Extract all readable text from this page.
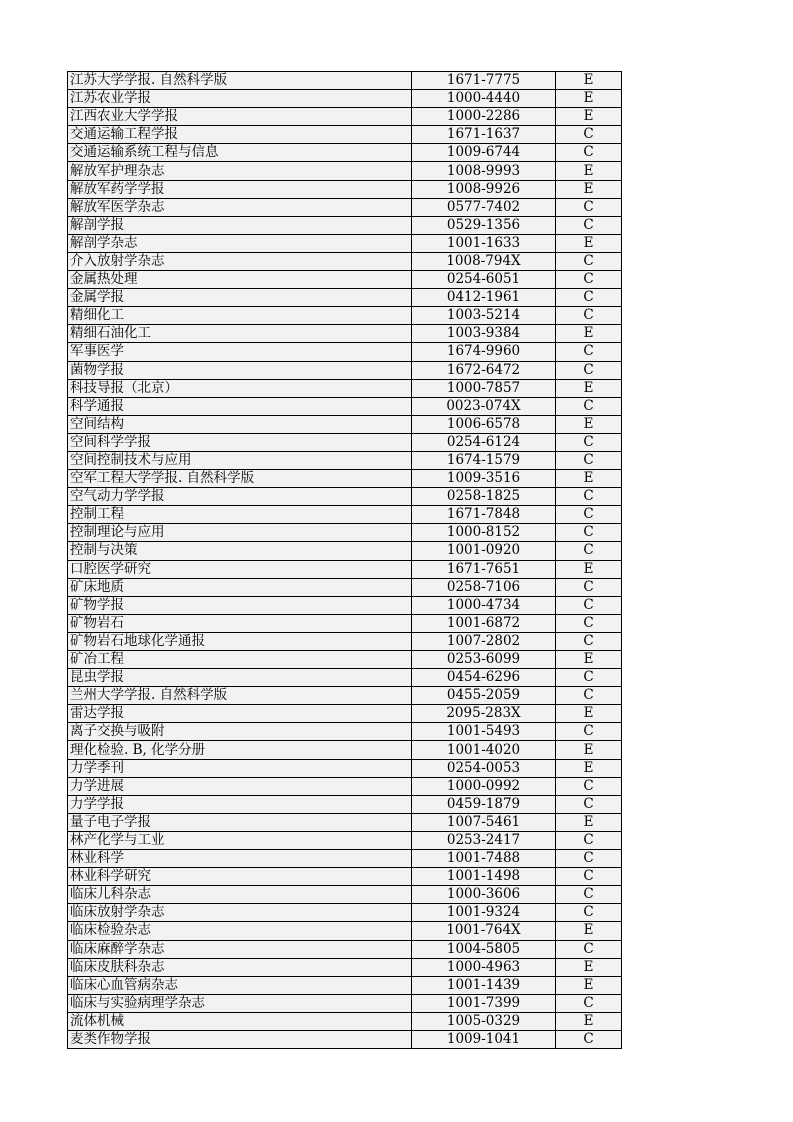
江苏大学学报. 自然科学版	1671-7775	E
江苏农业学报	1000-4440	E
江西农业大学学报	1000-2286	E
交通运输工程学报	1671-1637	C
交通运输系统工程与信息	1009-6744	C
解放军护理杂志	1008-9993	E
解放军药学学报	1008-9926	E
解放军医学杂志	0577-7402	C
解剖学报	0529-1356	C
解剖学杂志	1001-1633	E
介入放射学杂志	1008-794X	C
金属热处理	0254-6051	C
金属学报	0412-1961	C
精细化工	1003-5214	C
精细石油化工	1003-9384	E
军事医学	1674-9960	C
菌物学报	1672-6472	C
科技导报（北京）	1000-7857	E
科学通报	0023-074X	C
空间结构	1006-6578	E
空间科学学报	0254-6124	C
空间控制技术与应用	1674-1579	C
空军工程大学学报. 自然科学版	1009-3516	E
空气动力学学报	0258-1825	C
控制工程	1671-7848	C
控制理论与应用	1000-8152	C
控制与决策	1001-0920	C
口腔医学研究	1671-7651	E
矿床地质	0258-7106	C
矿物学报	1000-4734	C
矿物岩石	1001-6872	C
矿物岩石地球化学通报	1007-2802	C
矿冶工程	0253-6099	E
昆虫学报	0454-6296	C
兰州大学学报. 自然科学版	0455-2059	C
雷达学报	2095-283X	E
离子交换与吸附	1001-5493	C
理化检验. B, 化学分册	1001-4020	E
力学季刊	0254-0053	E
力学进展	1000-0992	C
力学学报	0459-1879	C
量子电子学报	1007-5461	E
林产化学与工业	0253-2417	C
林业科学	1001-7488	C
林业科学研究	1001-1498	C
临床儿科杂志	1000-3606	C
临床放射学杂志	1001-9324	C
临床检验杂志	1001-764X	E
临床麻醉学杂志	1004-5805	C
临床皮肤科杂志	1000-4963	E
临床心血管病杂志	1001-1439	E
临床与实验病理学杂志	1001-7399	C
流体机械	1005-0329	E
麦类作物学报	1009-1041	C
